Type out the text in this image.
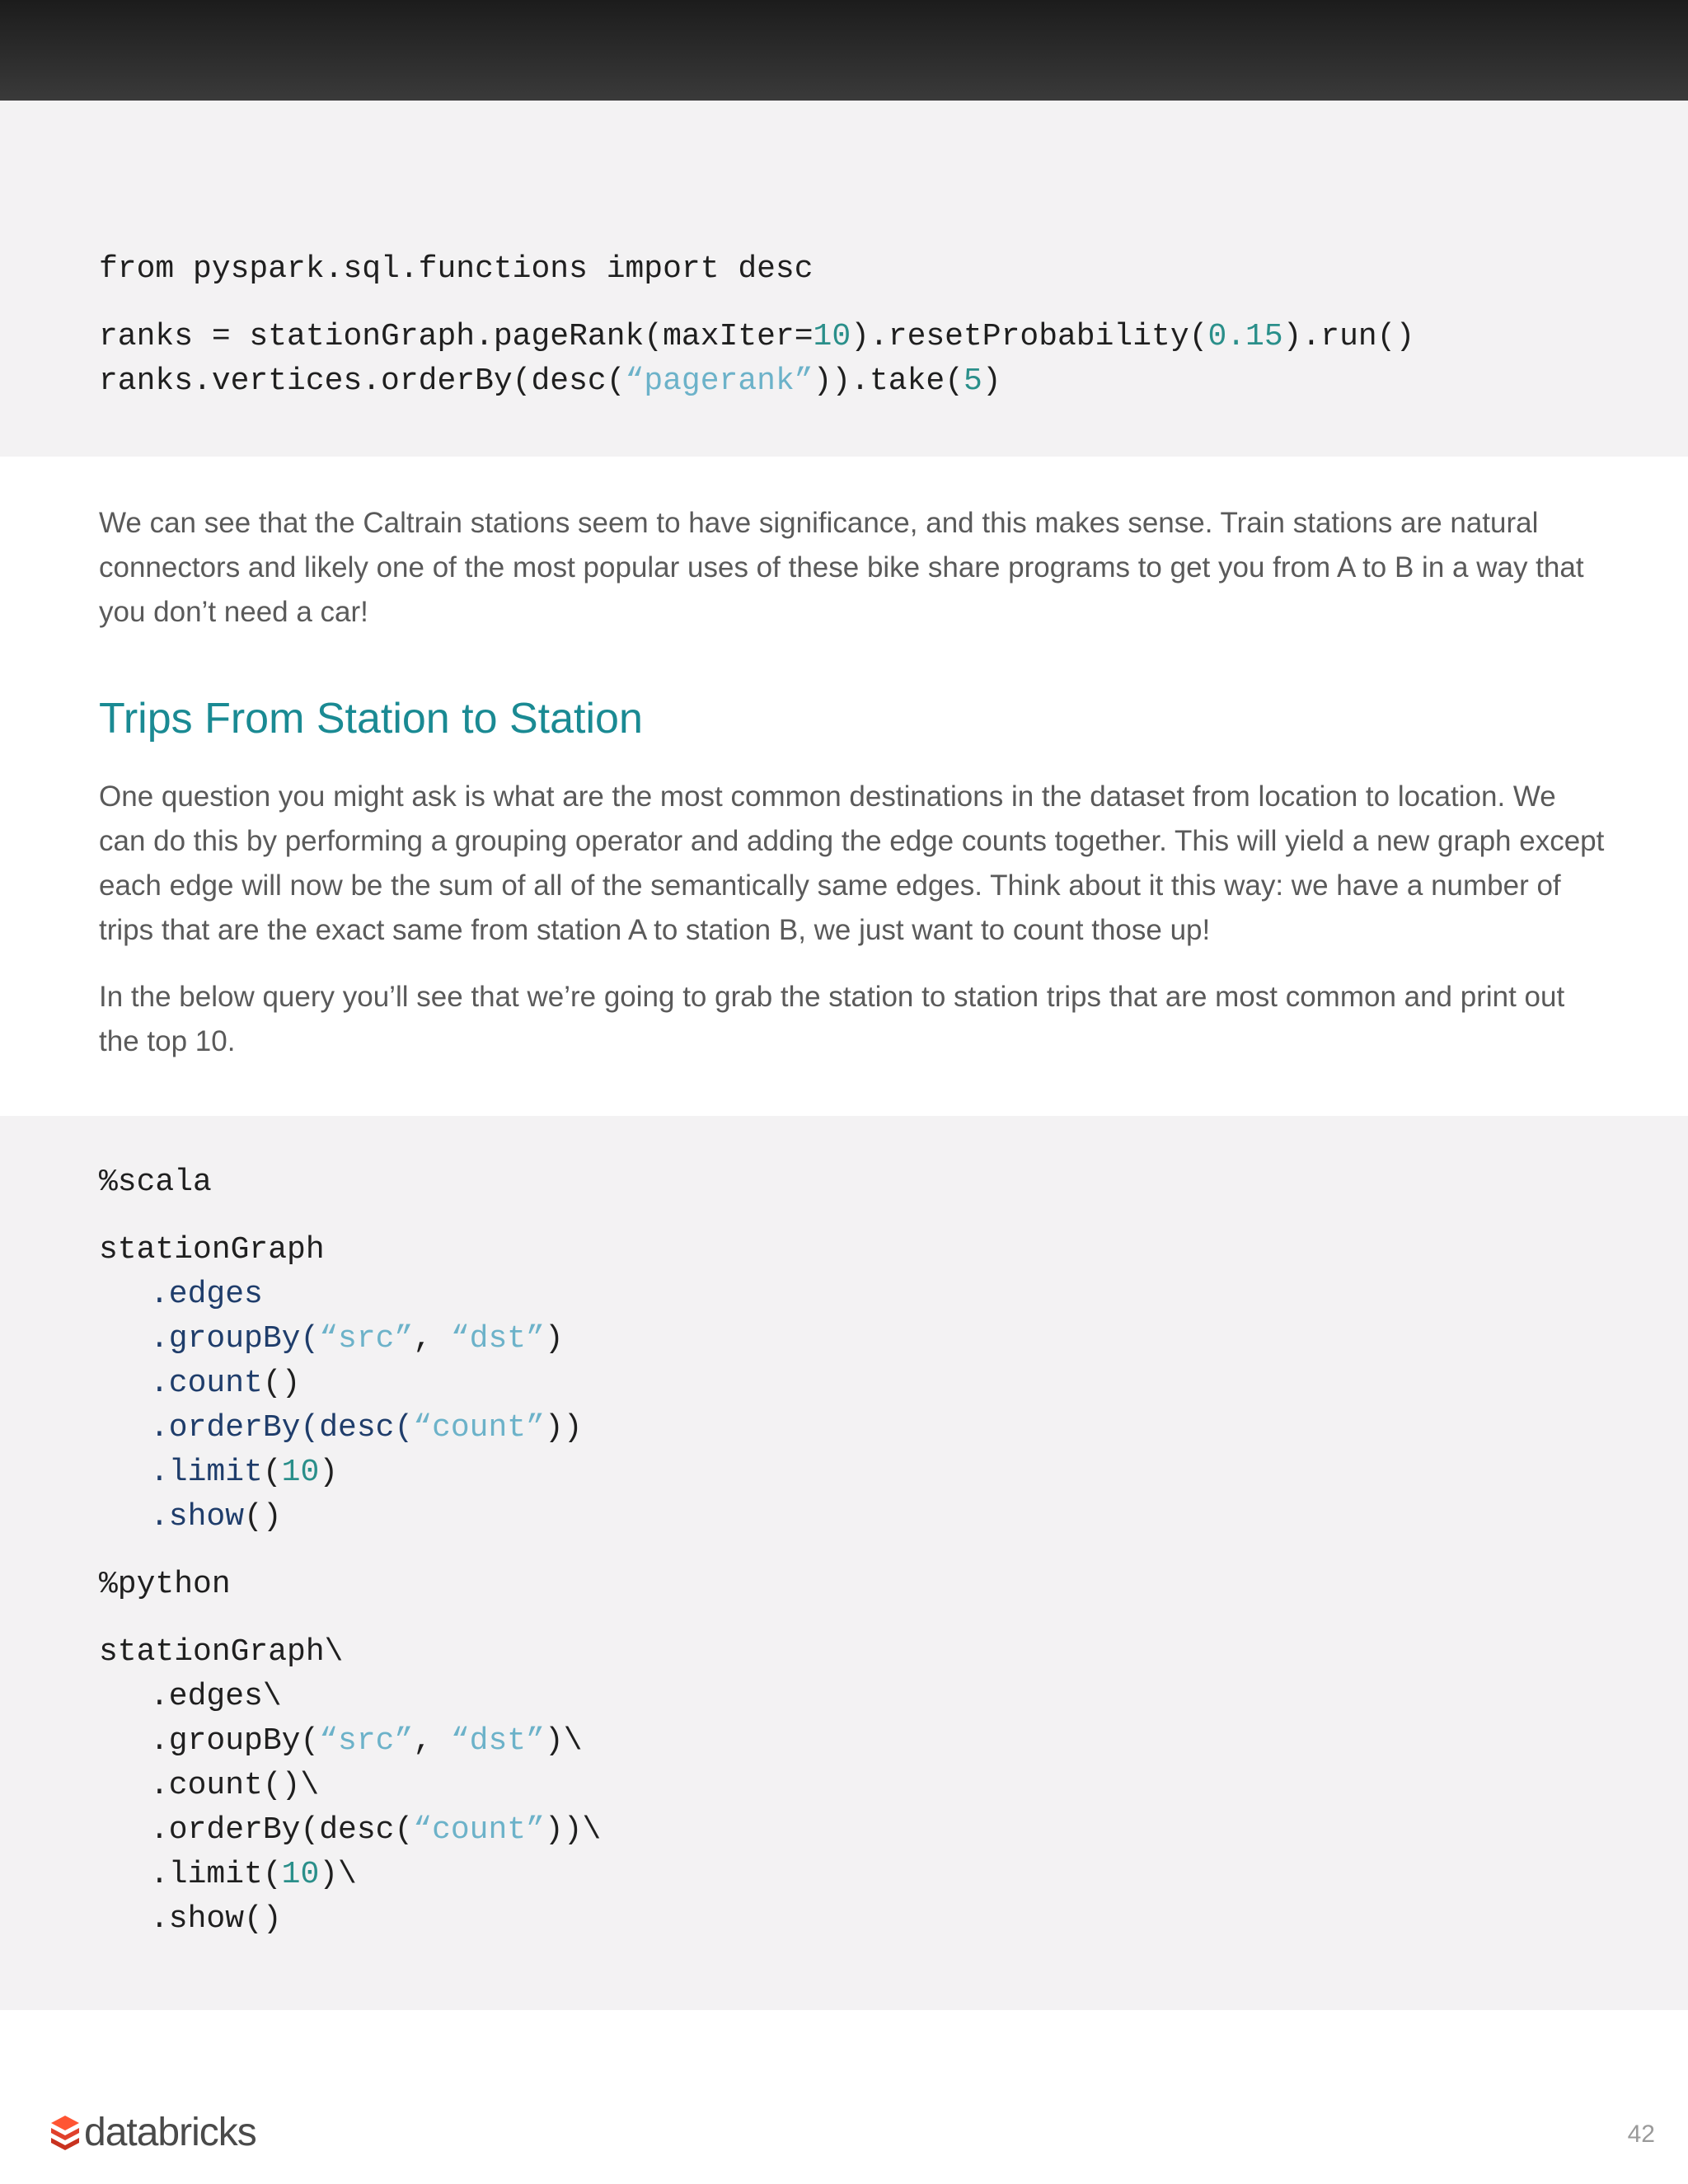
from pyspark.sql.functions import desc

ranks = stationGraph.pageRank(maxIter=10).resetProbability(0.15).run()

ranks.vertices.orderBy(desc(“pagerank”)).take(5)

We can see that the Caltrain stations seem to have significance, and this makes sense. Train stations are natural connectors and likely one of the most popular uses of these bike share programs to get you from A to B in a way that you don’t need a car!
Trips From Station to Station
One question you might ask is what are the most common destinations in the dataset from location to location. We can do this by performing a grouping operator and adding the edge counts together. This will yield a new graph except each edge will now be the sum of all of the semantically same edges. Think about it this way: we have a number of trips that are the exact same from station A to station B, we just want to count those up!
In the below query you’ll see that we’re going to grab the station to station trips that are most common and print out the top 10.

%scala

stationGraph

.edges

.groupBy(“src”, “dst”)

.count()

.orderBy(desc(“count”))

.limit(10)

.show()

%python

stationGraph\

.edges\

.groupBy(“src”, “dst”)\

.count()\

.orderBy(desc(“count”))\

.limit(10)\

.show()

databricks	42
